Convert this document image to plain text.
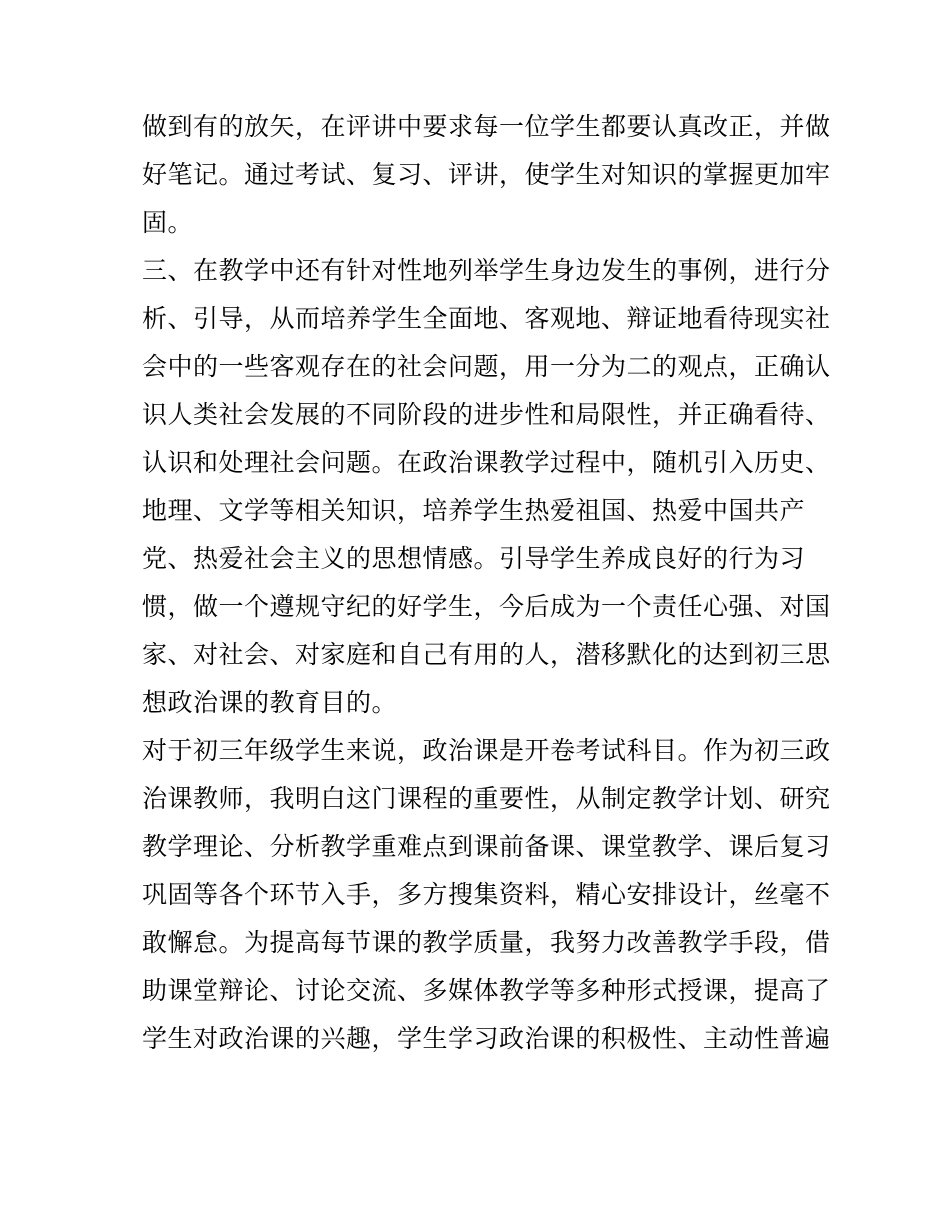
做到有的放矢，在评讲中要求每一位学生都要认真改正，并做
好笔记。通过考试、复习、评讲，使学生对知识的掌握更加牢
固。
三、在教学中还有针对性地列举学生身边发生的事例，进行分
析、引导，从而培养学生全面地、客观地、辩证地看待现实社
会中的一些客观存在的社会问题，用一分为二的观点，正确认
识人类社会发展的不同阶段的进步性和局限性，并正确看待、
认识和处理社会问题。在政治课教学过程中，随机引入历史、
地理、文学等相关知识，培养学生热爱祖国、热爱中国共产
党、热爱社会主义的思想情感。引导学生养成良好的行为习
惯，做一个遵规守纪的好学生，今后成为一个责任心强、对国
家、对社会、对家庭和自己有用的人，潜移默化的达到初三思
想政治课的教育目的。
对于初三年级学生来说，政治课是开卷考试科目。作为初三政
治课教师，我明白这门课程的重要性，从制定教学计划、研究
教学理论、分析教学重难点到课前备课、课堂教学、课后复习
巩固等各个环节入手，多方搜集资料，精心安排设计，丝毫不
敢懈怠。为提高每节课的教学质量，我努力改善教学手段，借
助课堂辩论、讨论交流、多媒体教学等多种形式授课，提高了
学生对政治课的兴趣，学生学习政治课的积极性、主动性普遍
